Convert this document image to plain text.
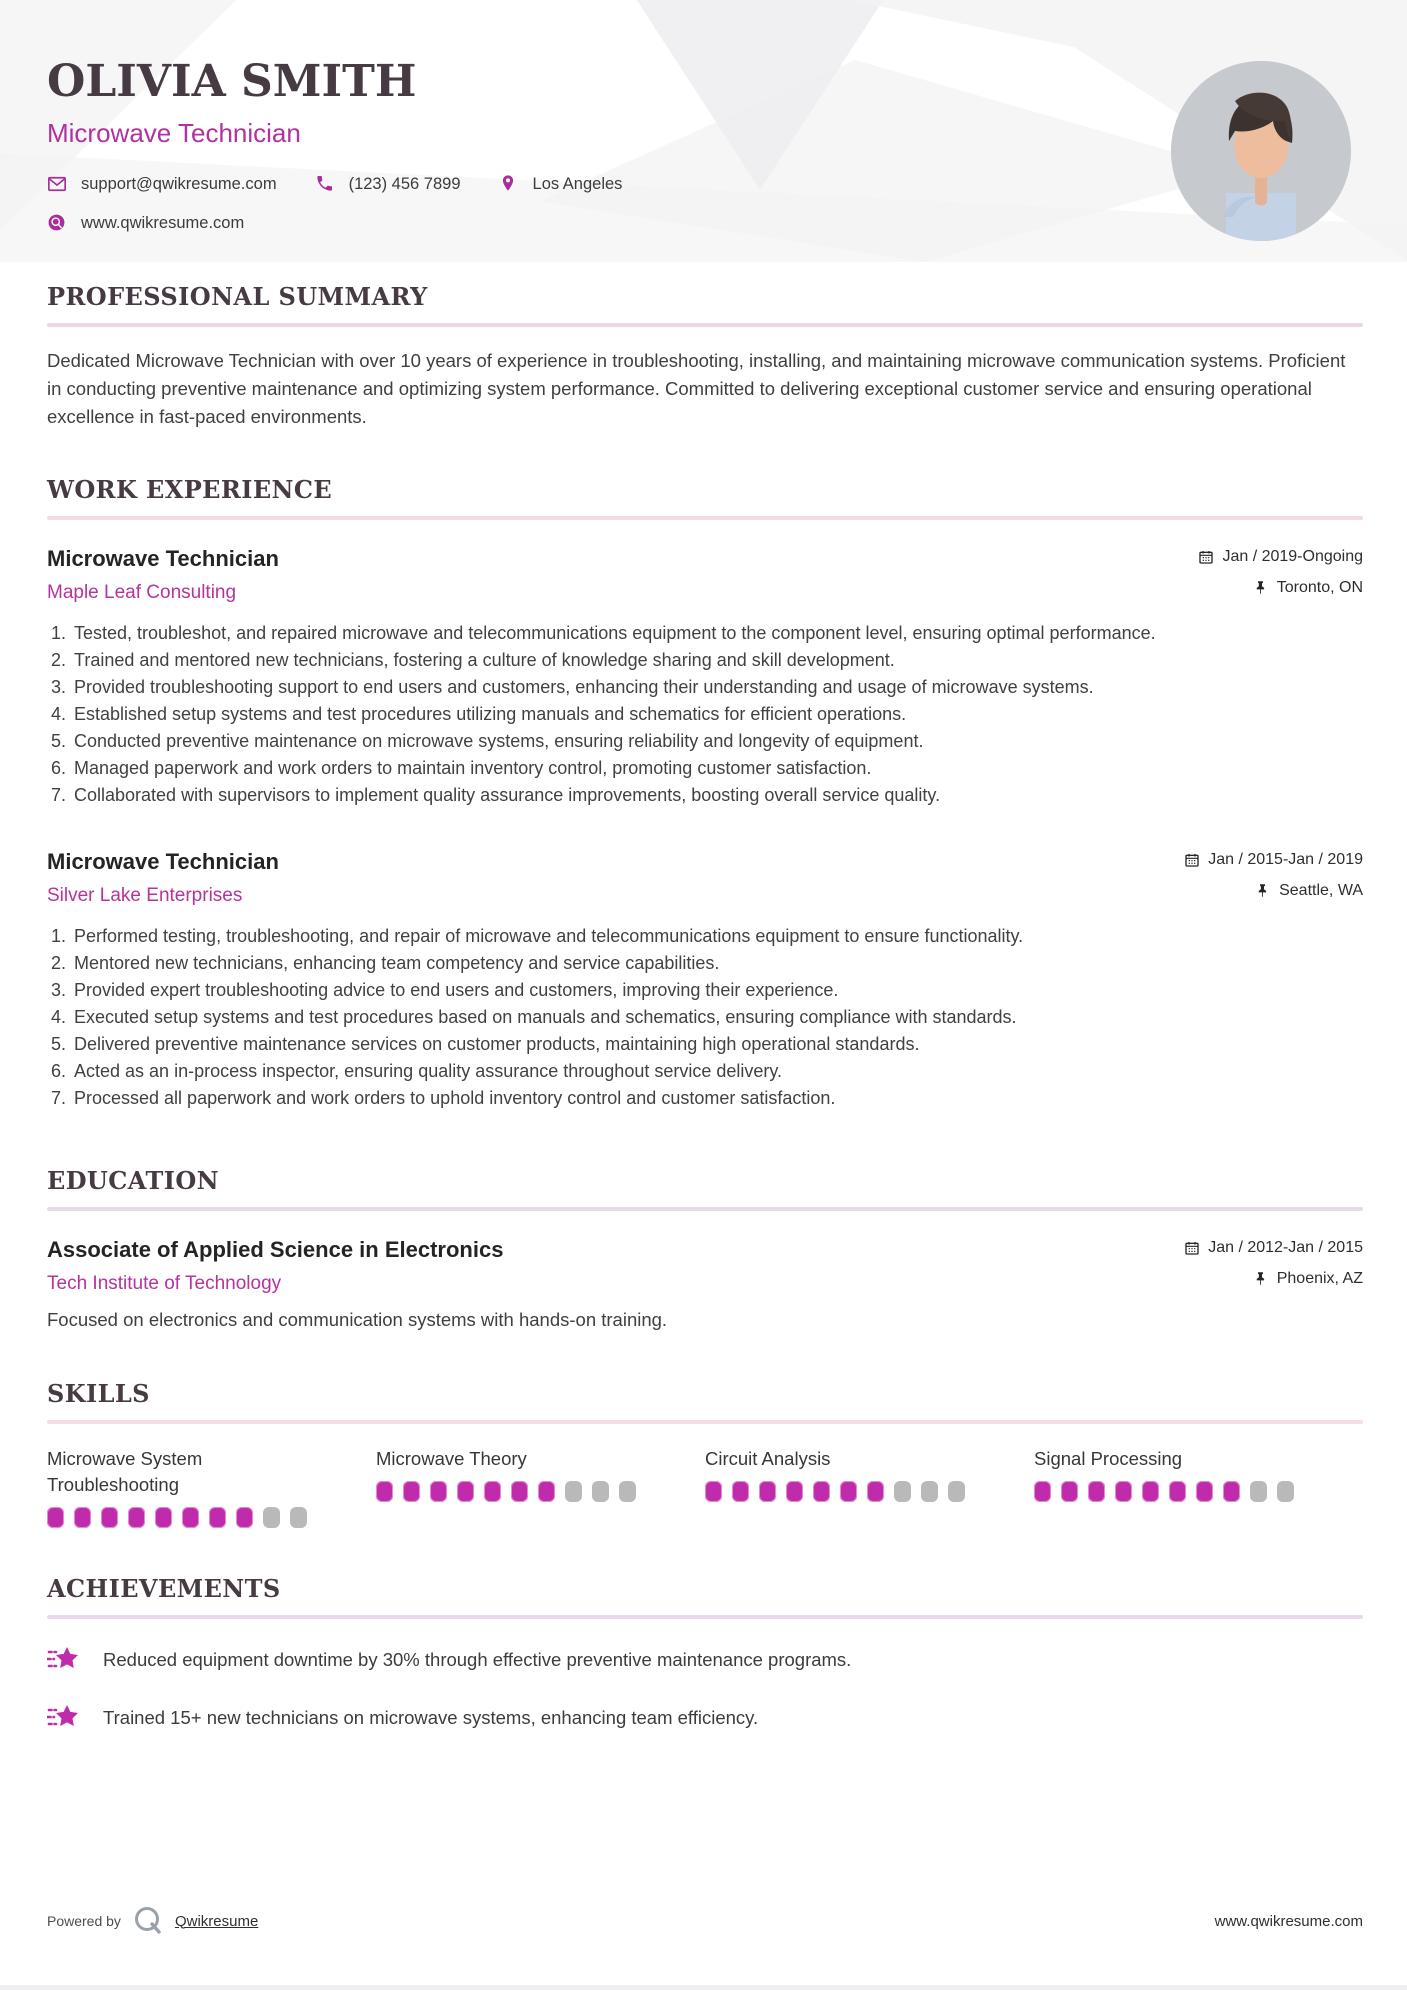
OLIVIA SMITH
Microwave Technician
support@qwikresume.com	(123) 456 7899	Los Angeles
www.qwikresume.com
PROFESSIONAL SUMMARY

Dedicated Microwave Technician with over 10 years of experience in troubleshooting, installing, and maintaining microwave communication systems. Proficient in conducting preventive maintenance and optimizing system performance. Committed to delivering exceptional customer service and ensuring operational excellence in fast-paced environments.

WORK EXPERIENCE
Microwave Technician
Maple Leaf Consulting
Jan / 2019-Ongoing
Toronto, ON
1. Tested, troubleshot, and repaired microwave and telecommunications equipment to the component level, ensuring optimal performance.
2. Trained and mentored new technicians, fostering a culture of knowledge sharing and skill development.
3. Provided troubleshooting support to end users and customers, enhancing their understanding and usage of microwave systems.
4. Established setup systems and test procedures utilizing manuals and schematics for efficient operations.
5. Conducted preventive maintenance on microwave systems, ensuring reliability and longevity of equipment.
6. Managed paperwork and work orders to maintain inventory control, promoting customer satisfaction.
7. Collaborated with supervisors to implement quality assurance improvements, boosting overall service quality.
Microwave Technician
Silver Lake Enterprises
Jan / 2015-Jan / 2019
Seattle, WA
1. Performed testing, troubleshooting, and repair of microwave and telecommunications equipment to ensure functionality.
2. Mentored new technicians, enhancing team competency and service capabilities.
3. Provided expert troubleshooting advice to end users and customers, improving their experience.
4. Executed setup systems and test procedures based on manuals and schematics, ensuring compliance with standards.
5. Delivered preventive maintenance services on customer products, maintaining high operational standards.
6. Acted as an in-process inspector, ensuring quality assurance throughout service delivery.
7. Processed all paperwork and work orders to uphold inventory control and customer satisfaction.
EDUCATION
Associate of Applied Science in Electronics
Tech Institute of Technology
Jan / 2012-Jan / 2015
Phoenix, AZ

Focused on electronics and communication systems with hands-on training.

SKILLS
Microwave System Troubleshooting
Microwave Theory	Circuit Analysis	Signal Processing
ACHIEVEMENTS
Reduced equipment downtime by 30% through effective preventive maintenance programs.
Trained 15+ new technicians on microwave systems, enhancing team efficiency.
Powered by	Qwikresume	www.qwikresume.com
